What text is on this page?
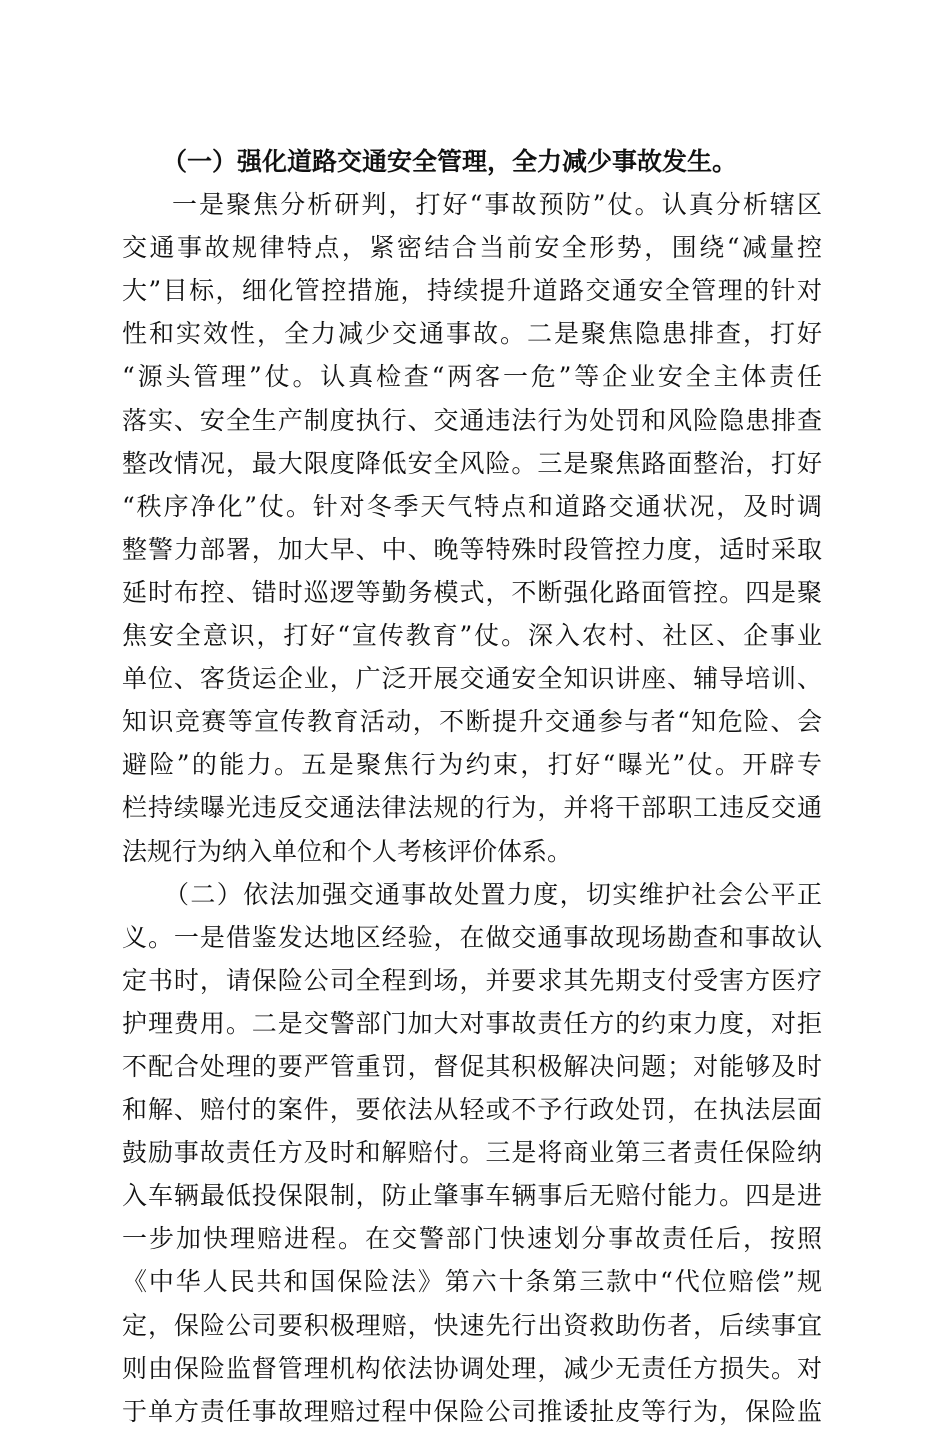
（一）强化道路交通安全管理，全力减少事故发生。
一是聚焦分析研判，打好“事故预防”仗。认真分析辖区
交通事故规律特点，紧密结合当前安全形势，围绕“减量控
大”目标，细化管控措施，持续提升道路交通安全管理的针对
性和实效性，全力减少交通事故。二是聚焦隐患排查，打好
“源头管理”仗。认真检查“两客一危”等企业安全主体责任
落实、安全生产制度执行、交通违法行为处罚和风险隐患排查
整改情况，最大限度降低安全风险。三是聚焦路面整治，打好
“秩序净化”仗。针对冬季天气特点和道路交通状况，及时调
整警力部署，加大早、中、晚等特殊时段管控力度，适时采取
延时布控、错时巡逻等勤务模式，不断强化路面管控。四是聚
焦安全意识，打好“宣传教育”仗。深入农村、社区、企事业
单位、客货运企业，广泛开展交通安全知识讲座、辅导培训、
知识竞赛等宣传教育活动，不断提升交通参与者“知危险、会
避险”的能力。五是聚焦行为约束，打好“曝光”仗。开辟专
栏持续曝光违反交通法律法规的行为，并将干部职工违反交通
法规行为纳入单位和个人考核评价体系。
（二）依法加强交通事故处置力度，切实维护社会公平正
义。一是借鉴发达地区经验，在做交通事故现场勘查和事故认
定书时，请保险公司全程到场，并要求其先期支付受害方医疗
护理费用。二是交警部门加大对事故责任方的约束力度，对拒
不配合处理的要严管重罚，督促其积极解决问题；对能够及时
和解、赔付的案件，要依法从轻或不予行政处罚，在执法层面
鼓励事故责任方及时和解赔付。三是将商业第三者责任保险纳
入车辆最低投保限制，防止肇事车辆事后无赔付能力。四是进
一步加快理赔进程。在交警部门快速划分事故责任后，按照
《中华人民共和国保险法》第六十条第三款中“代位赔偿”规
定，保险公司要积极理赔，快速先行出资救助伤者，后续事宜
则由保险监督管理机构依法协调处理，减少无责任方损失。对
于单方责任事故理赔过程中保险公司推诿扯皮等行为，保险监
